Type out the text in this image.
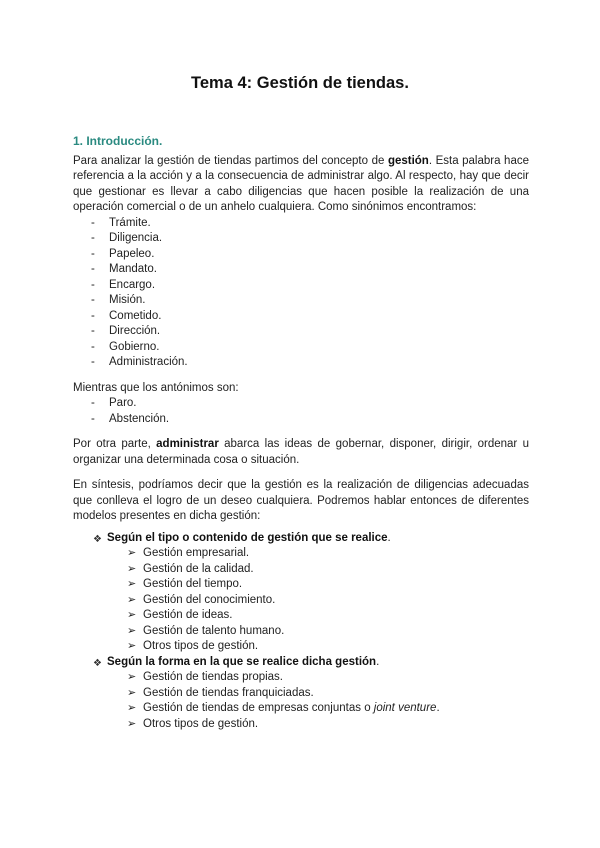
Tema 4: Gestión de tiendas.
1. Introducción.

Para analizar la gestión de tiendas partimos del concepto de gestión. Esta palabra hace referencia a la acción y a la consecuencia de administrar algo. Al respecto, hay que decir que gestionar es llevar a cabo diligencias que hacen posible la realización de una operación comercial o de un anhelo cualquiera. Como sinónimos encontramos:

- Trámite.
- Diligencia.
- Papeleo.
- Mandato.
- Encargo.
- Misión.
- Cometido.
- Dirección.
- Gobierno.
- Administración.

Mientras que los antónimos son:

- Paro.
- Abstención.

Por otra parte, administrar abarca las ideas de gobernar, disponer, dirigir, ordenar u organizar una determinada cosa o situación.

En síntesis, podríamos decir que la gestión es la realización de diligencias adecuadas que conlleva el logro de un deseo cualquiera. Podremos hablar entonces de diferentes modelos presentes en dicha gestión:

❖ Según el tipo o contenido de gestión que se realice.
➢ Gestión empresarial.
➢ Gestión de la calidad.
➢ Gestión del tiempo.
➢ Gestión del conocimiento.
➢ Gestión de ideas.
➢ Gestión de talento humano.
➢ Otros tipos de gestión.
❖ Según la forma en la que se realice dicha gestión.
➢ Gestión de tiendas propias.
➢ Gestión de tiendas franquiciadas.
➢ Gestión de tiendas de empresas conjuntas o joint venture.
➢ Otros tipos de gestión.
